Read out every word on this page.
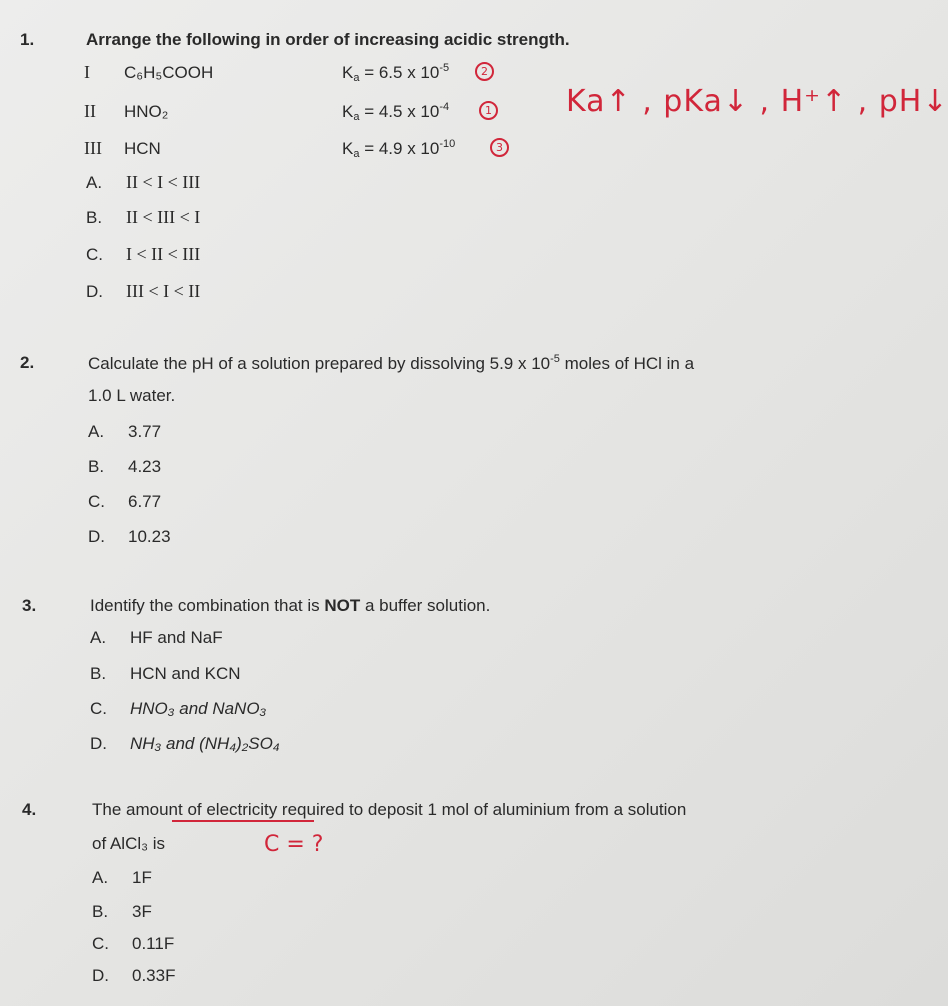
1.	Arrange the following in order of increasing acidic strength.
I C₆H₅COOH	$K_a = 6.5$ x $10^{-5}$	2
II HNO₂	$K_a = 4.5$ x $10^{-4}$	1 Ka↑ , pKa↓ , H⁺↑ , pH↓
III HCN	$K_a = 4.9$ x $10^{-10}$	3
A. II < I < III
B. II < III < I
C. I < II < III
D. III < I < II
2.	Calculate the pH of a solution prepared by dissolving 5.9 x $10^{-5}$ moles of HCl in a
1.0 L water.
A. 3.77
B. 4.23
C. 6.77
D. 10.23
3.	Identify the combination that is NOT a buffer solution.
A. HF and NaF
B. HCN and KCN
C. HNO₃ and NaNO₃
D. NH₃ and (NH₄)₂SO₄
4.	The amount of electricity required to deposit 1 mol of aluminium from a solution
of AlCl₃ is	C = ?
A. 1F
B. 3F
C. 0.11F
D. 0.33F
